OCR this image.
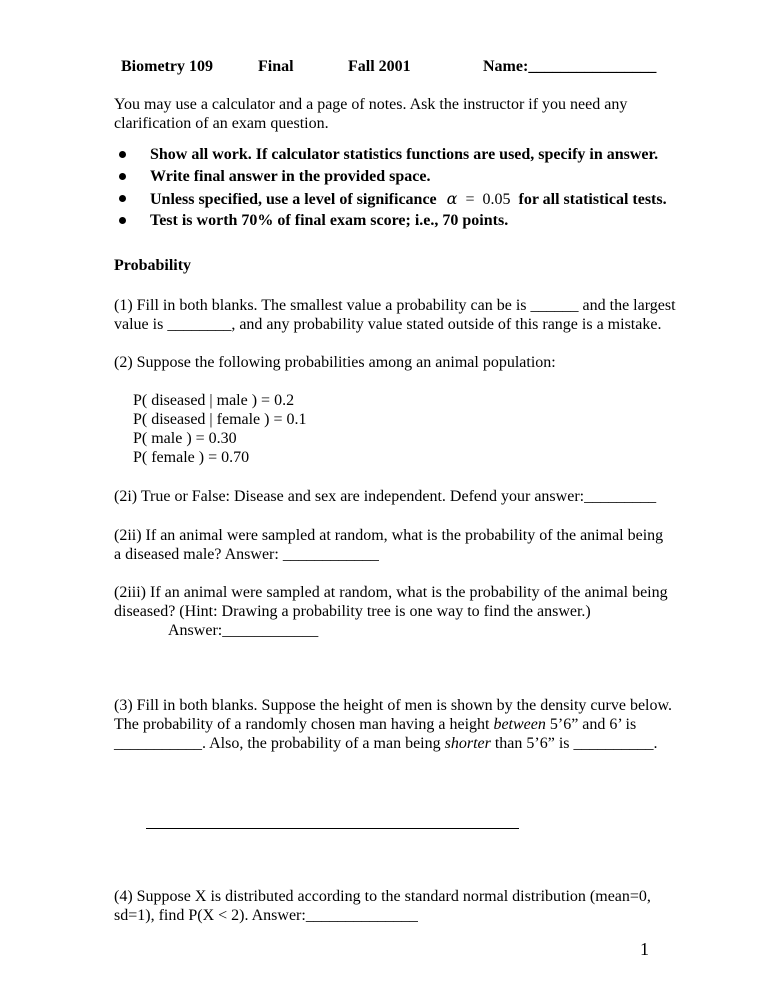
Biometry 109	Final	Fall 2001	Name:________________

You may use a calculator and a page of notes. Ask the instructor if you need any clarification of an exam question.

Show all work. If calculator statistics functions are used, specify in answer.
Write final answer in the provided space.
Unless specified, use a level of significance α = 0.05 for all statistical tests.
Test is worth 70% of final exam score; i.e., 70 points.

Probability

(1) Fill in both blanks. The smallest value a probability can be is ______ and the largest value is ________, and any probability value stated outside of this range is a mistake.

(2) Suppose the following probabilities among an animal population:

P( diseased | male ) = 0.2

P( diseased | female ) = 0.1

P( male ) = 0.30

P( female ) = 0.70

(2i) True or False: Disease and sex are independent. Defend your answer:_________

(2ii) If an animal were sampled at random, what is the probability of the animal being a diseased male? Answer: ____________

(2iii) If an animal were sampled at random, what is the probability of the animal being diseased? (Hint: Drawing a probability tree is one way to find the answer.)

Answer:____________

(3) Fill in both blanks. Suppose the height of men is shown by the density curve below. The probability of a randomly chosen man having a height between 5’6” and 6’ is ___________. Also, the probability of a man being shorter than 5’6” is __________.

(4) Suppose X is distributed according to the standard normal distribution (mean=0, sd=1), find P(X < 2). Answer:______________

1
